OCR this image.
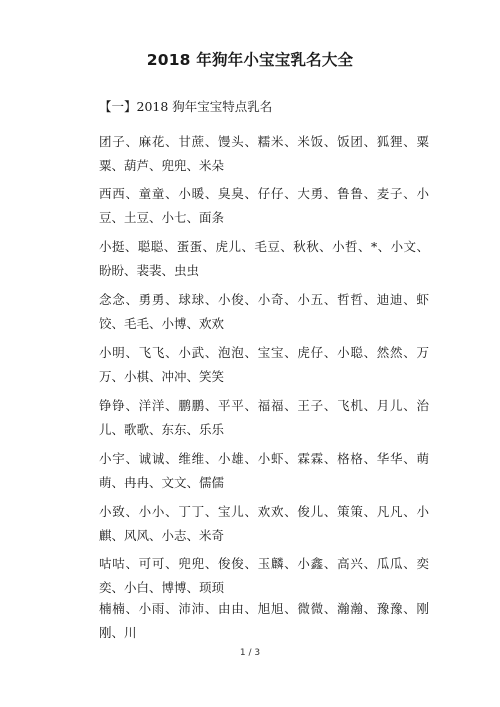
2018 年狗年小宝宝乳名大全
【一】2018 狗年宝宝特点乳名
团子、麻花、甘蔗、馒头、糯米、米饭、饭团、狐狸、粟粟、葫芦、兜兜、米朵
西西、童童、小暖、臭臭、仔仔、大勇、鲁鲁、麦子、小豆、土豆、小七、面条
小挺、聪聪、蛋蛋、虎儿、毛豆、秋秋、小哲、*、小文、盼盼、裴裴、虫虫
念念、勇勇、球球、小俊、小奇、小五、哲哲、迪迪、虾饺、毛毛、小博、欢欢
小明、飞飞、小武、泡泡、宝宝、虎仔、小聪、然然、万万、小棋、冲冲、笑笑
铮铮、洋洋、鹏鹏、平平、福福、王子、飞机、月儿、治儿、歌歌、东东、乐乐
小宇、诚诚、维维、小雄、小虾、霖霖、格格、华华、萌萌、冉冉、文文、儒儒
小致、小小、丁丁、宝儿、欢欢、俊儿、策策、凡凡、小麒、风风、小志、米奇
咕咕、可可、兜兜、俊俊、玉麟、小鑫、高兴、瓜瓜、奕奕、小白、博博、顼顼
楠楠、小雨、沛沛、由由、旭旭、微微、瀚瀚、豫豫、刚刚、川
1 / 3
